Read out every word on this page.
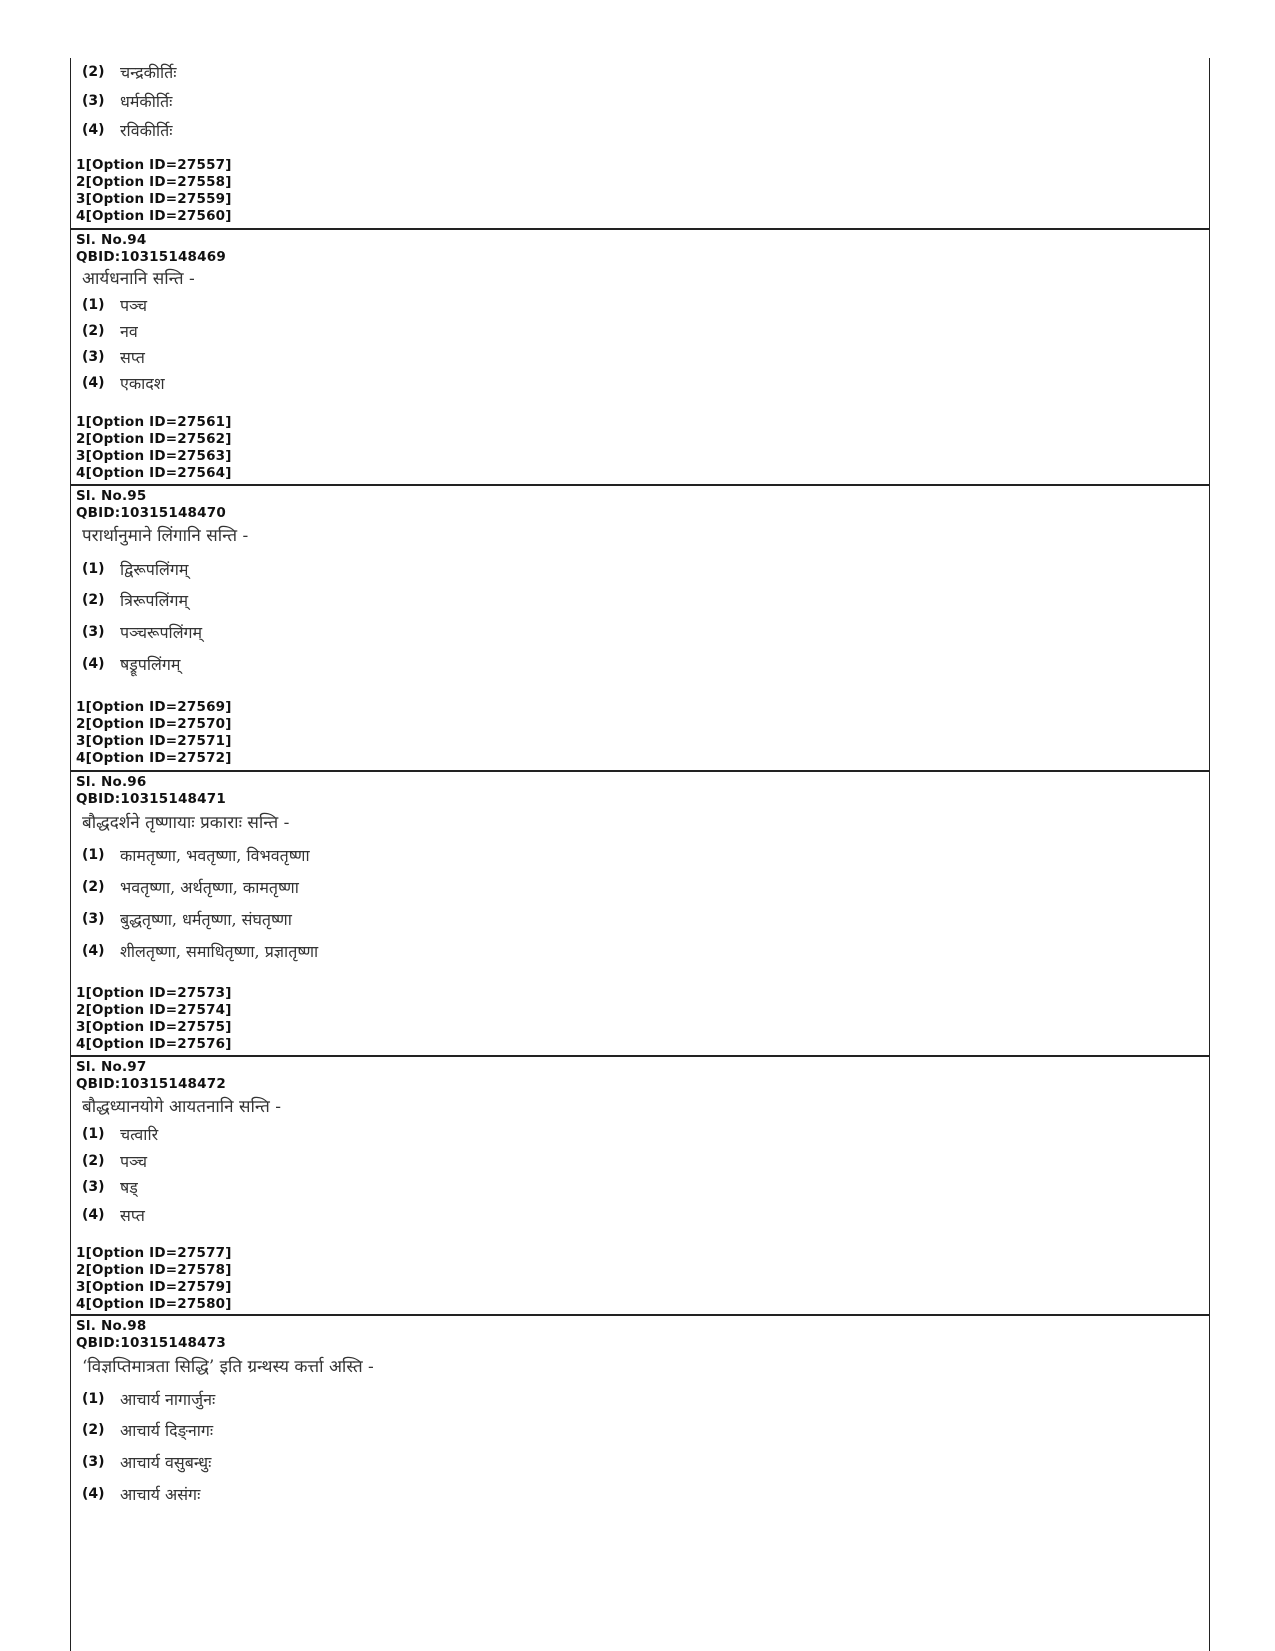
(2) चन्द्रकीर्तिः
(3) धर्मकीर्तिः
(4) रविकीर्तिः
1[Option ID=27557]
2[Option ID=27558]
3[Option ID=27559]
4[Option ID=27560]
Sl. No.94
QBID:10315148469
आर्यधनानि सन्ति -
(1) पञ्च
(2) नव
(3) सप्त
(4) एकादश
1[Option ID=27561]
2[Option ID=27562]
3[Option ID=27563]
4[Option ID=27564]
Sl. No.95
QBID:10315148470
परार्थानुमाने लिंगानि सन्ति -
(1) द्विरूपलिंगम्
(2) त्रिरूपलिंगम्
(3) पञ्चरूपलिंगम्
(4) षड्रूपलिंगम्
1[Option ID=27569]
2[Option ID=27570]
3[Option ID=27571]
4[Option ID=27572]
Sl. No.96
QBID:10315148471
बौद्धदर्शने तृष्णायाः प्रकाराः सन्ति -
(1) कामतृष्णा, भवतृष्णा, विभवतृष्णा
(2) भवतृष्णा, अर्थतृष्णा, कामतृष्णा
(3) बुद्धतृष्णा, धर्मतृष्णा, संघतृष्णा
(4) शीलतृष्णा, समाधितृष्णा, प्रज्ञातृष्णा
1[Option ID=27573]
2[Option ID=27574]
3[Option ID=27575]
4[Option ID=27576]
Sl. No.97
QBID:10315148472
बौद्धध्यानयोगे आयतनानि सन्ति -
(1) चत्वारि
(2) पञ्च
(3) षड्
(4) सप्त
1[Option ID=27577]
2[Option ID=27578]
3[Option ID=27579]
4[Option ID=27580]
Sl. No.98
QBID:10315148473
‘विज्ञप्तिमात्रता सिद्धि’ इति ग्रन्थस्य कर्त्ता अस्ति -
(1) आचार्य नागार्जुनः
(2) आचार्य दिङ्नागः
(3) आचार्य वसुबन्धुः
(4) आचार्य असंगः
